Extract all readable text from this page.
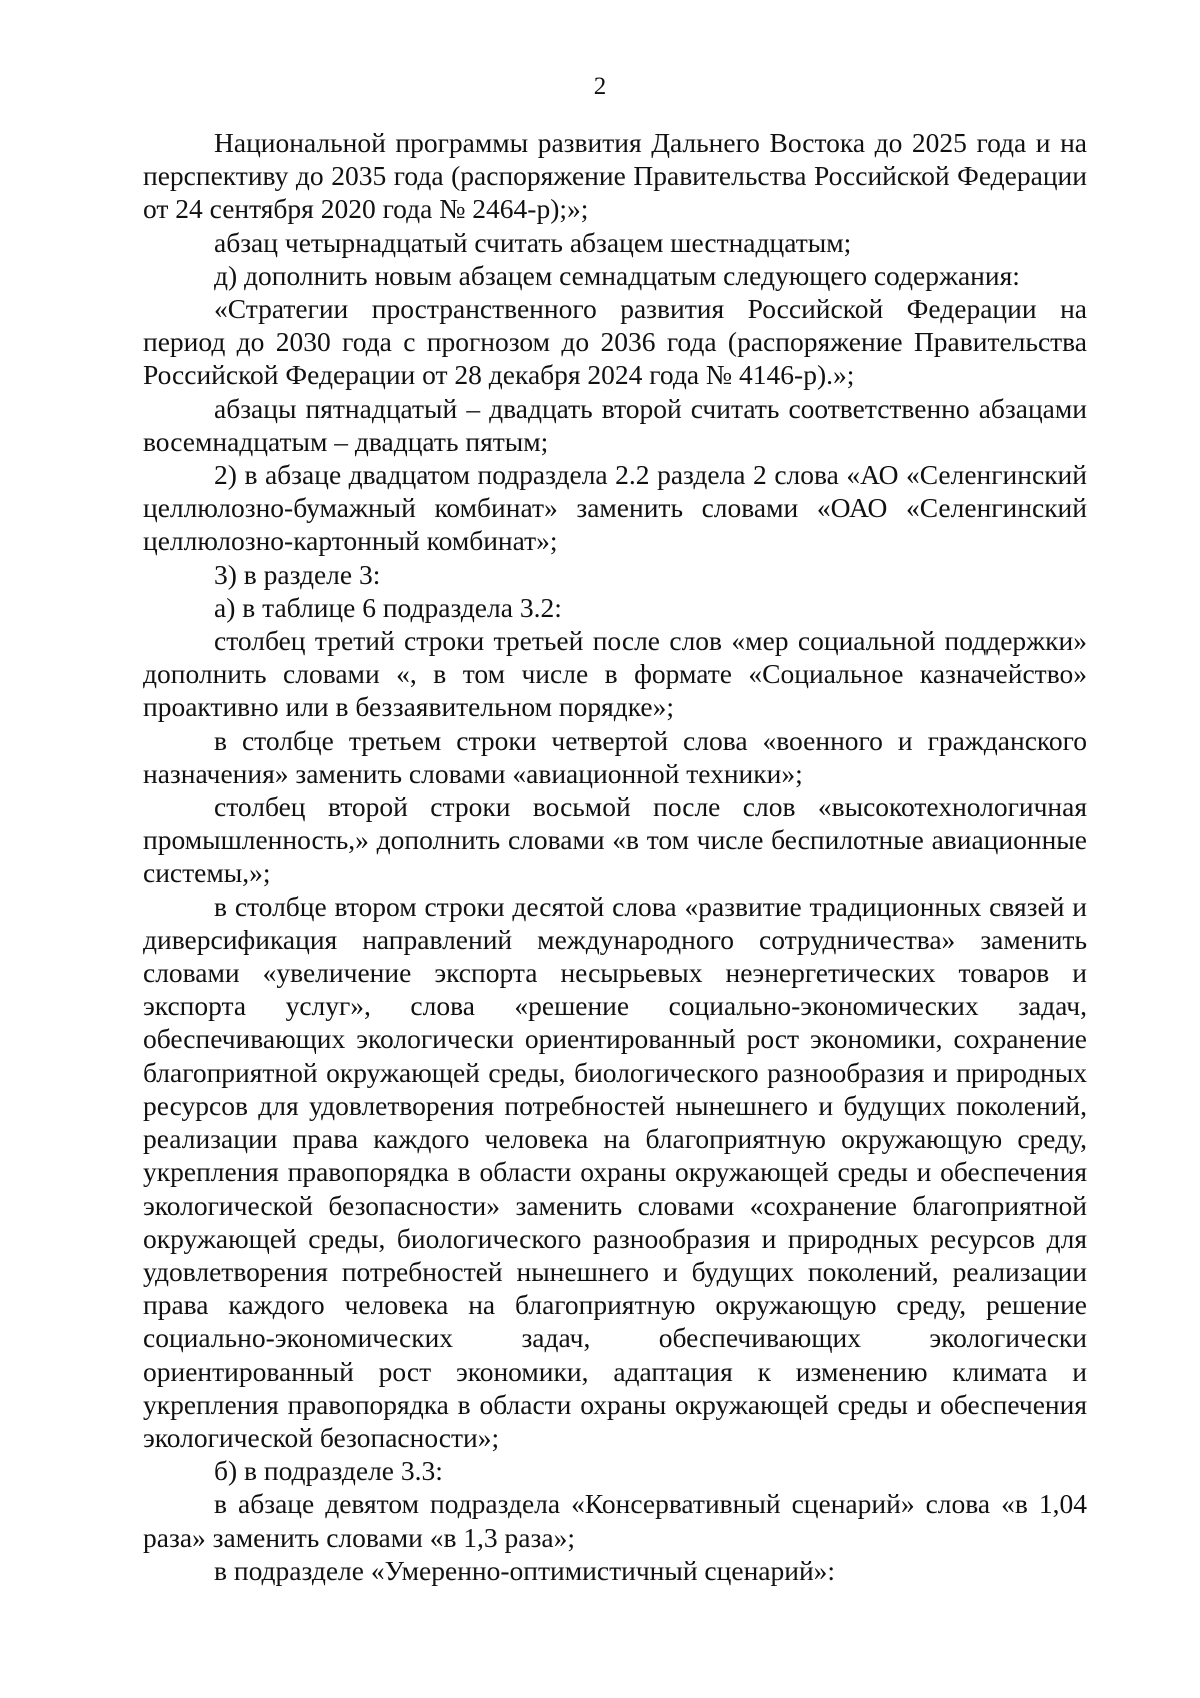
2

Национальной программы развития Дальнего Востока до 2025 года и на перспективу до 2035 года (распоряжение Правительства Российской Федерации от 24 сентября 2020 года № 2464-р);»;

абзац четырнадцатый считать абзацем шестнадцатым;

д) дополнить новым абзацем семнадцатым следующего содержания:

«Стратегии пространственного развития Российской Федерации на период до 2030 года с прогнозом до 2036 года (распоряжение Правительства Российской Федерации от 28 декабря 2024 года № 4146-р).»;

абзацы пятнадцатый – двадцать второй считать соответственно абзацами восемнадцатым – двадцать пятым;

2) в абзаце двадцатом подраздела 2.2 раздела 2 слова «АО «Селенгинский целлюлозно-бумажный комбинат» заменить словами «ОАО «Селенгинский целлюлозно-картонный комбинат»;

3) в разделе 3:

а) в таблице 6 подраздела 3.2:

столбец третий строки третьей после слов «мер социальной поддержки» дополнить словами «, в том числе в формате «Социальное казначейство» проактивно или в беззаявительном порядке»;

в столбце третьем строки четвертой слова «военного и гражданского назначения» заменить словами «авиационной техники»;

столбец второй строки восьмой после слов «высокотехнологичная промышленность,» дополнить словами «в том числе беспилотные авиационные системы,»;

в столбце втором строки десятой слова «развитие традиционных связей и диверсификация направлений международного сотрудничества» заменить словами «увеличение экспорта несырьевых неэнергетических товаров и экспорта услуг», слова «решение социально-экономических задач, обеспечивающих экологически ориентированный рост экономики, сохранение благоприятной окружающей среды, биологического разнообразия и природных ресурсов для удовлетворения потребностей нынешнего и будущих поколений, реализации права каждого человека на благоприятную окружающую среду, укрепления правопорядка в области охраны окружающей среды и обеспечения экологической безопасности» заменить словами «сохранение благоприятной окружающей среды, биологического разнообразия и природных ресурсов для удовлетворения потребностей нынешнего и будущих поколений, реализации права каждого человека на благоприятную окружающую среду, решение социально-экономических задач, обеспечивающих экологически ориентированный рост экономики, адаптация к изменению климата и укрепления правопорядка в области охраны окружающей среды и обеспечения экологической безопасности»;

б) в подразделе 3.3:

в абзаце девятом подраздела «Консервативный сценарий» слова «в 1,04 раза» заменить словами «в 1,3 раза»;

в подразделе «Умеренно-оптимистичный сценарий»:
